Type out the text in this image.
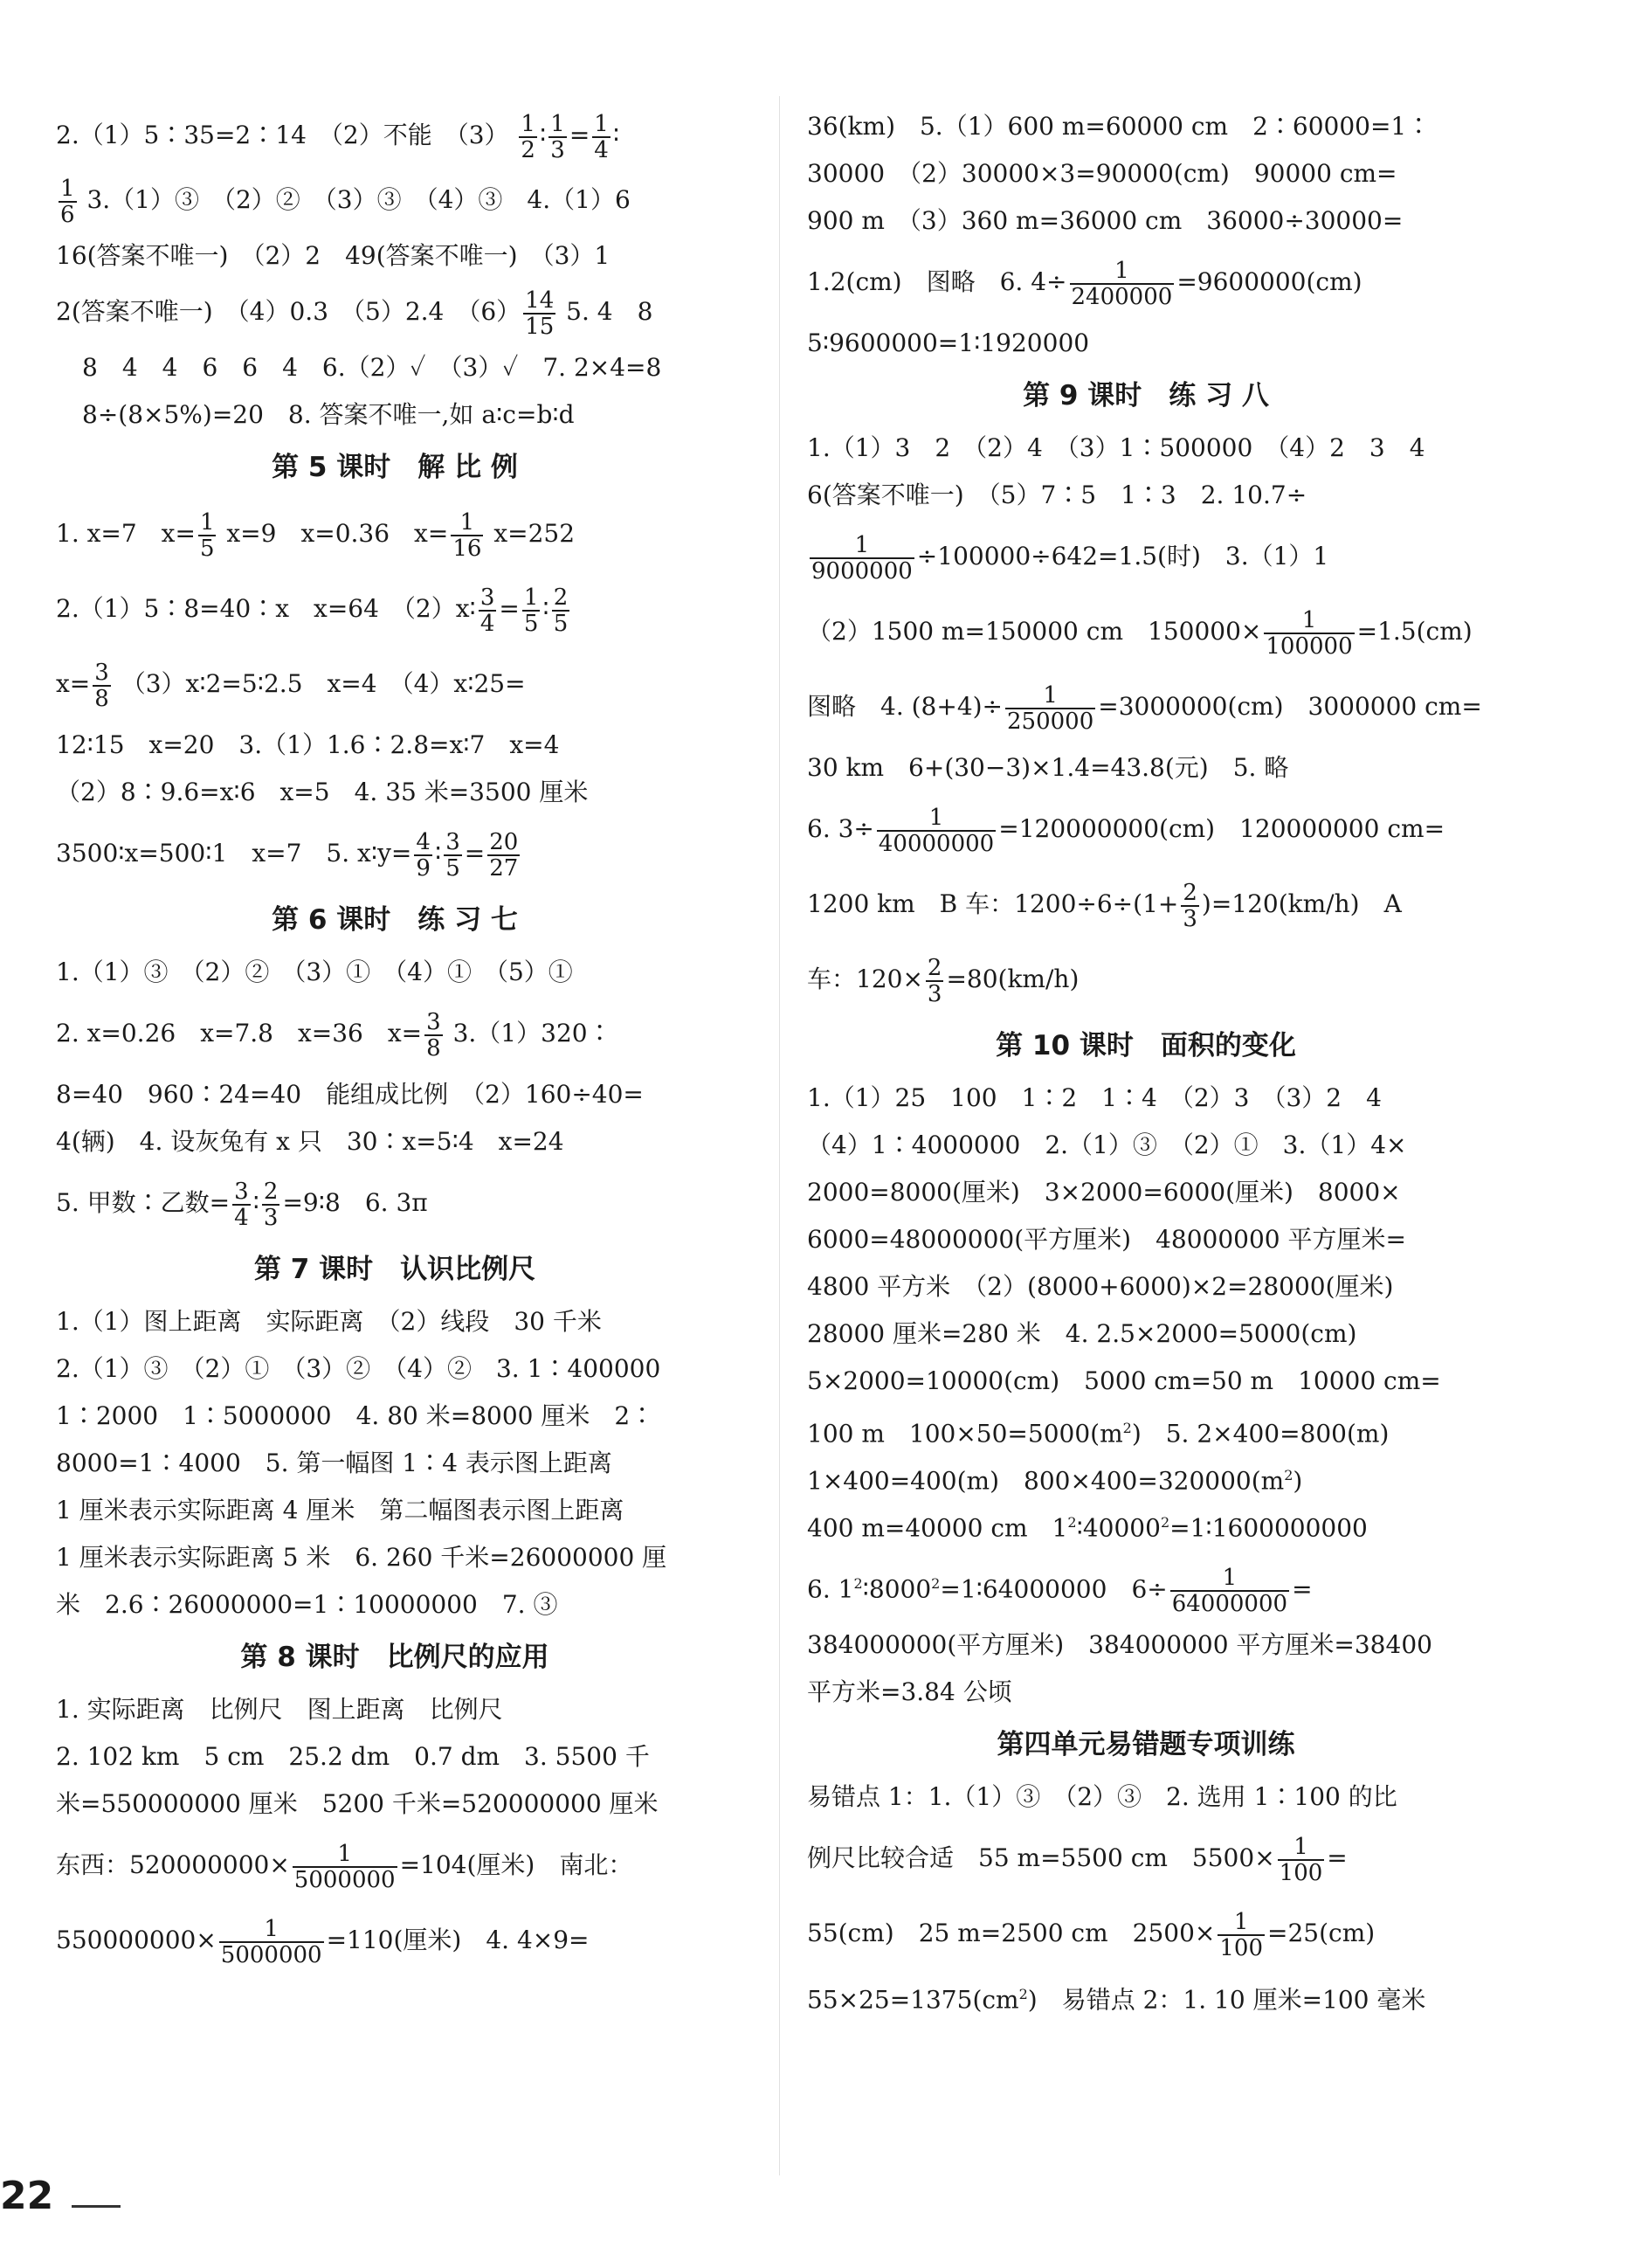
2.（1）5∶35=2∶14　（2）不能　$(3) \frac{1}{2}$ ∶ $\frac{1}{3} = \frac{1}{4}$ ∶
$\frac{1}{6}$ 3.（1）③　（2）②　（3）③　（4）③　4.（1）6
16(答案不唯一)　（2）2　49(答案不唯一)　（3）1
2(答案不唯一)　（4）0.3　（5）2.4　$(6) \frac{14}{15} 5$. 4　8
8　4　4　6　6　4　6.（2）✓　（3）✓　7. 2×4=8
8÷(8×5%)=20　8. 答案不唯一,如 a∶c=b∶d
第 5 课时　解 比 例
1. x=7　$x= \frac{1}{5} x=9$　x=0.36　$x= \frac{1}{16} x=252$
2.（1）5∶8=40∶x　x=64　（2）x∶ $\frac{3}{4} = \frac{1}{5}$ ∶ $\frac{2}{5}$
$x= \frac{3}{8}$ （3）x∶2=5∶2.5　x=4　（4）x∶25=
12∶15　x=20　3.（1）1.6∶2.8=x∶7　x=4
（2）8∶9.6=x∶6　x=5　4. 35 米=3500 厘米
3500∶x=500∶1　x=7　5. x∶y= $\frac{4}{9}$ ∶ $\frac{3}{5} = \frac{20}{27}$
第 6 课时　练 习 七
1.（1）③　（2）②　（3）①　（4）①　（5）①
2. x=0.26　x=7.8　x=36　$x= \frac{3}{8}$ 3.（1）320∶
8=40　960∶24=40　能组成比例　（2）160÷40=
4(辆)　4. 设灰兔有 x 只　30∶x=5∶4　x=24
5. 甲数∶乙数= $\frac{3}{4}$ ∶ $\frac{2}{3}$ =9∶8　6. 3π
第 7 课时　认识比例尺
1.（1）图上距离　实际距离　（2）线段　30 千米
2.（1）③　（2）①　（3）②　（4）②　3. 1∶400000
1∶2000　1∶5000000　4. 80 米=8000 厘米　2∶
8000=1∶4000　5. 第一幅图 1∶4 表示图上距离
1 厘米表示实际距离 4 厘米　第二幅图表示图上距离
1 厘米表示实际距离 5 米　6. 260 千米=26000000 厘
米　2.6∶26000000=1∶10000000　7. ③
第 8 课时　比例尺的应用
1. 实际距离　比例尺　图上距离　比例尺
2. 102 km　5 cm　25.2 dm　0.7 dm　3. 5500 千
米=550000000 厘米　5200 千米=520000000 厘米
东西：$520000000\times \frac{1}{5000000} =104$(厘米)　南北：
$550000000\times \frac{1}{5000000} =110$(厘米)　4. 4×9=
36(km)　5.（1）600 m=60000 cm　2∶60000=1∶
30000　（2）30000×3=90000(cm)　90000 cm=
900 m　（3）360 m=36000 cm　36000÷30000=
1.2(cm)　图略　6. $4\div \frac{1}{2400000} =9600000(cm)$
5∶9600000=1∶1920000
第 9 课时　练 习 八
1.（1）3　2　（2）4　（3）1∶500000　（4）2　3　4
6(答案不唯一)　（5）7∶5　1∶3　2. 10.7÷
$\frac{1}{9000000} \div 100000\div 642=1.5$(时)　3.（1）1
（2）1500 m=150000 cm　$150000\times \frac{1}{100000} =1.5(cm)$
图略　4. $(8+4)\div \frac{1}{250000} =3000000(cm)$　3000000 cm=
30 km　6+(30−3)×1.4=43.8(元)　5. 略
6. $3\div \frac{1}{40000000} =120000000(cm)$　120000000 cm=
1200 km　B 车：$1200\div 6\div(1+ \frac{2}{3} )=120(km/h)$　A
车：$120\times \frac{2}{3} =80(km/h)$
第 10 课时　面积的变化
1.（1）25　100　1∶2　1∶4　（2）3　（3）2　4
（4）1∶4000000　2.（1）③　（2）①　3.（1）4×
2000=8000(厘米)　3×2000=6000(厘米)　8000×
6000=48000000(平方厘米)　48000000 平方厘米=
4800 平方米　（2）(8000+6000)×2=28000(厘米)
28000 厘米=280 米　4. 2.5×2000=5000(cm)
5×2000=10000(cm)　5000 cm=50 m　10000 cm=
100 m　$100\times 50=5000(m^2)$　5. 2×400=800(m)
1×400=400(m)　$800\times 400=320000(m^2)$
400 m=40000 cm　$1^2∶40000^2=1∶1600000000$
6. $1^2∶8000^2=1∶64000000$　$6\div \frac{1}{64000000}$ =
384000000(平方厘米)　384000000 平方厘米=38400
平方米=3.84 公顷
第四单元易错题专项训练
易错点 1：1.（1）③　（2）③　2. 选用 1∶100 的比
例尺比较合适　55 m=5500 cm　$5500\times \frac{1}{100}$ =
55(cm)　25 m=2500 cm　$2500\times \frac{1}{100} =25(cm)$
$55\times 25=1375(cm^2)$　易错点 2：1. 10 厘米=100 毫米
22
